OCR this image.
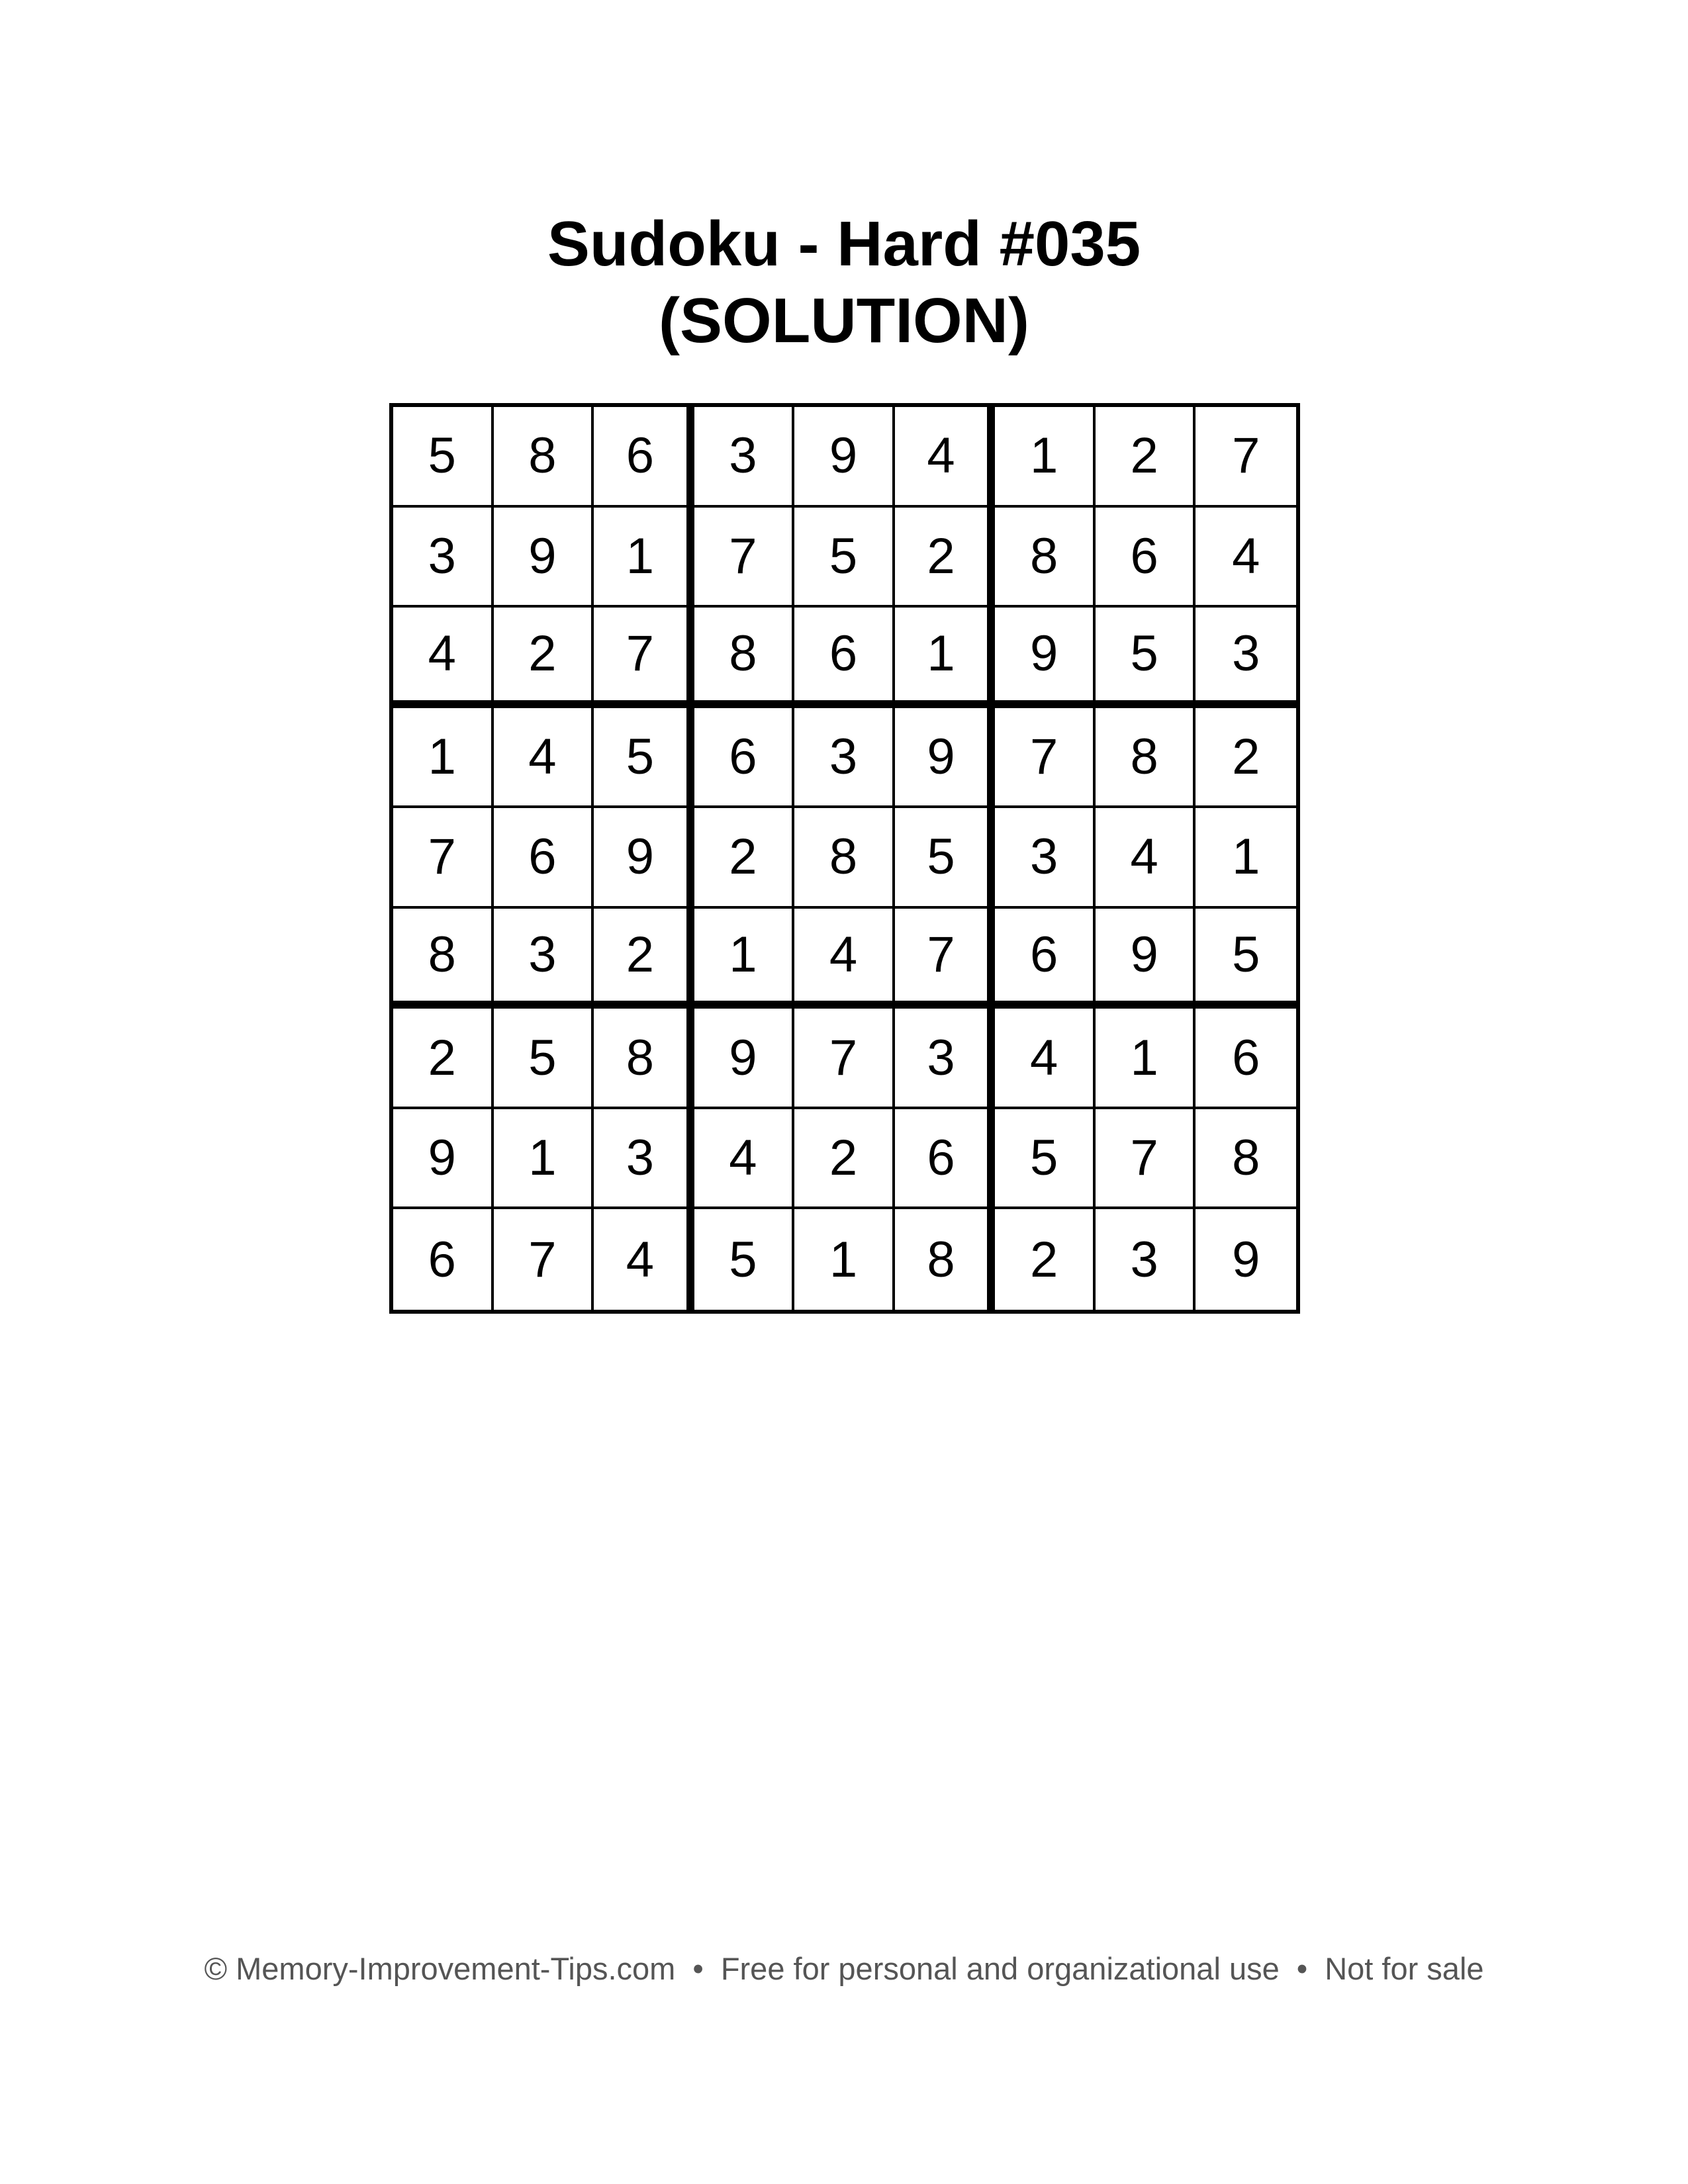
Sudoku - Hard #035
(SOLUTION)
5	8	6	3	9	4	1	2	7
3	9	1	7	5	2	8	6	4
4	2	7	8	6	1	9	5	3
1	4	5	6	3	9	7	8	2
7	6	9	2	8	5	3	4	1
8	3	2	1	4	7	6	9	5
2	5	8	9	7	3	4	1	6
9	1	3	4	2	6	5	7	8
6	7	4	5	1	8	2	3	9
© Memory-Improvement-Tips.com • Free for personal and organizational use • Not for sale
